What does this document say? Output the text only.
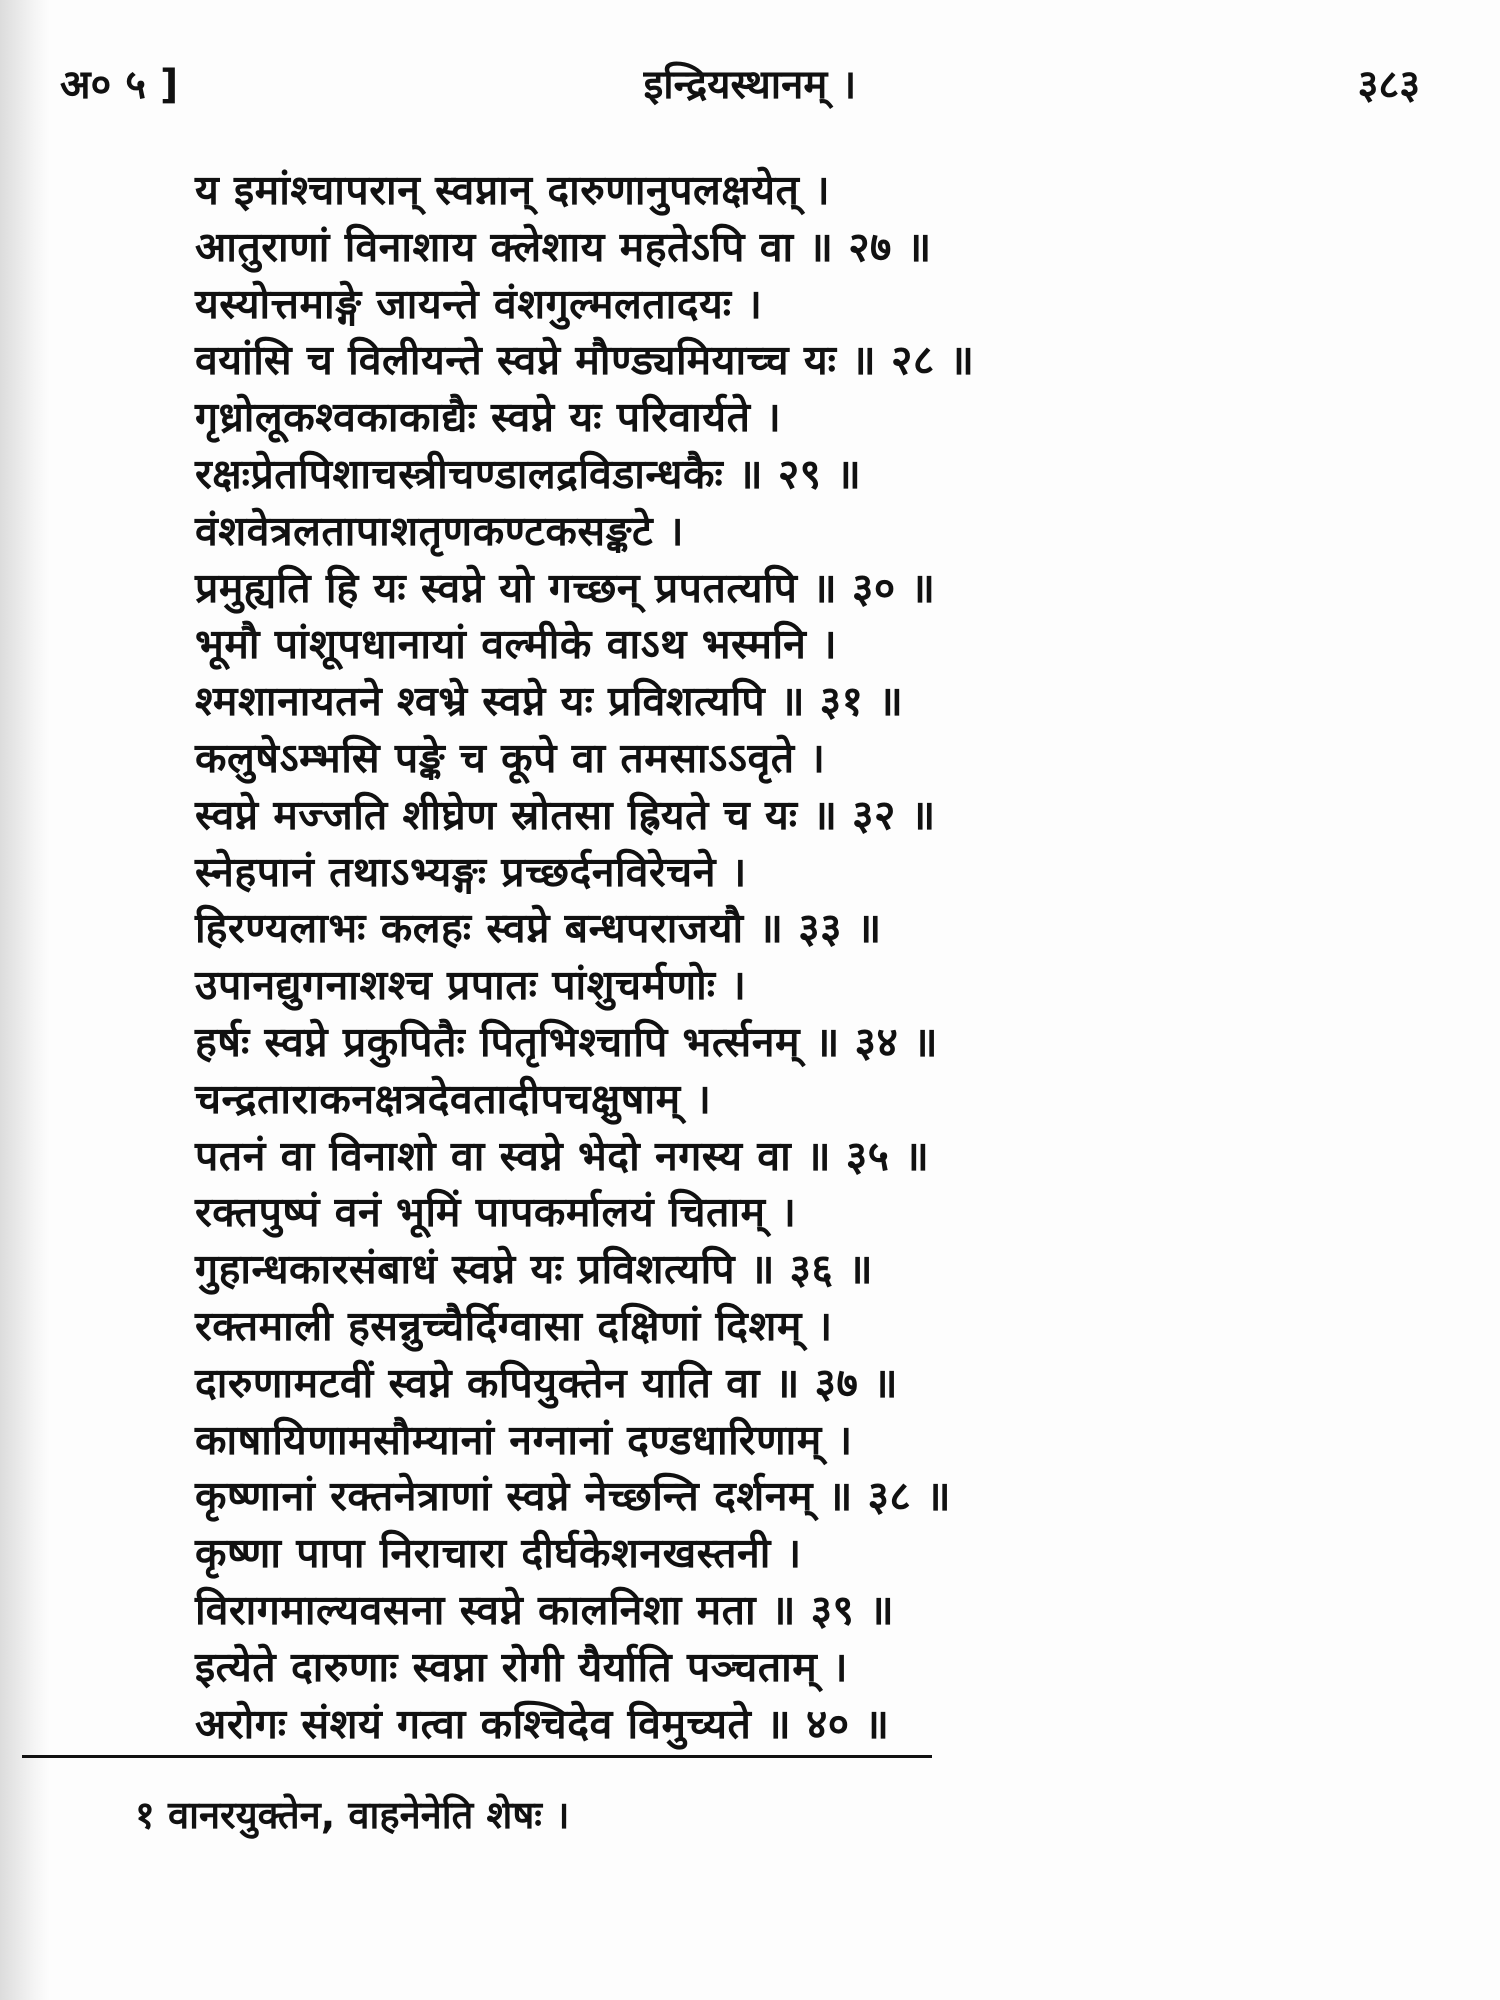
अ० ५ ]	इन्द्रियस्थानम् ।	३८३
य इमांश्चापरान् स्वप्नान् दारुणानुपलक्षयेत् ।
आतुराणां विनाशाय क्लेशाय महतेऽपि वा ॥ २७ ॥
यस्योत्तमाङ्गे जायन्ते वंशगुल्मलतादयः ।
वयांसि च विलीयन्ते स्वप्ने मौण्ड्यमियाच्च यः ॥ २८ ॥
गृध्रोलूकश्वकाकाद्यैः स्वप्ने यः परिवार्यते ।
रक्षःप्रेतपिशाचस्त्रीचण्डालद्रविडान्धकैः ॥ २९ ॥
वंशवेत्रलतापाशतृणकण्टकसङ्कटे ।
प्रमुह्यति हि यः स्वप्ने यो गच्छन् प्रपतत्यपि ॥ ३० ॥
भूमौ पांशूपधानायां वल्मीके वाऽथ भस्मनि ।
श्मशानायतने श्वभ्रे स्वप्ने यः प्रविशत्यपि ॥ ३१ ॥
कलुषेऽम्भसि पङ्के च कूपे वा तमसाऽऽवृते ।
स्वप्ने मज्जति शीघ्रेण स्रोतसा ह्रियते च यः ॥ ३२ ॥
स्नेहपानं तथाऽभ्यङ्गः प्रच्छर्दनविरेचने ।
हिरण्यलाभः कलहः स्वप्ने बन्धपराजयौ ॥ ३३ ॥
उपानद्युगनाशश्च प्रपातः पांशुचर्मणोः ।
हर्षः स्वप्ने प्रकुपितैः पितृभिश्चापि भर्त्सनम् ॥ ३४ ॥
चन्द्रताराकनक्षत्रदेवतादीपचक्षुषाम् ।
पतनं वा विनाशो वा स्वप्ने भेदो नगस्य वा ॥ ३५ ॥
रक्तपुष्पं वनं भूमिं पापकर्मालयं चिताम् ।
गुहान्धकारसंबाधं स्वप्ने यः प्रविशत्यपि ॥ ३६ ॥
रक्तमाली हसन्नुच्चैर्दिग्वासा दक्षिणां दिशम् ।
दारुणामटवीं स्वप्ने कपियुक्तेन याति वा ॥ ३७ ॥
काषायिणामसौम्यानां नग्नानां दण्डधारिणाम् ।
कृष्णानां रक्तनेत्राणां स्वप्ने नेच्छन्ति दर्शनम् ॥ ३८ ॥
कृष्णा पापा निराचारा दीर्घकेशनखस्तनी ।
विरागमाल्यवसना स्वप्ने कालनिशा मता ॥ ३९ ॥
इत्येते दारुणाः स्वप्ना रोगी यैर्याति पञ्चताम् ।
अरोगः संशयं गत्वा कश्चिदेव विमुच्यते ॥ ४० ॥
१ वानरयुक्तेन, वाहनेनेति शेषः ।
